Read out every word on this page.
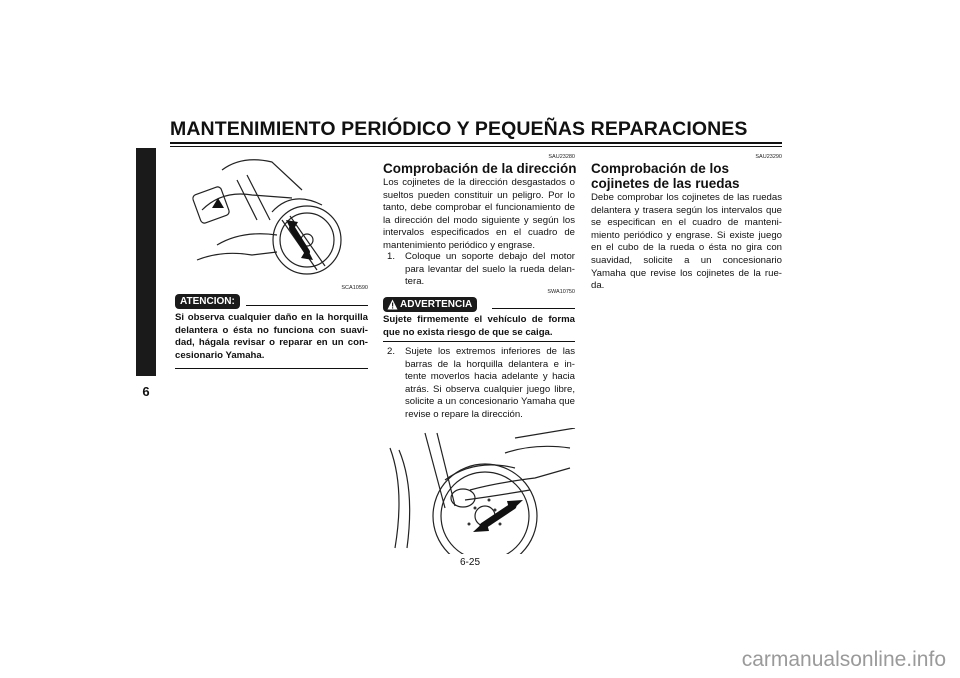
MANTENIMIENTO PERIÓDICO Y PEQUEÑAS REPARACIONES
6
SCA10590
ATENCION:
Si observa cualquier daño en la horquilla delantera o ésta no funciona con suavi-dad, hágala revisar o reparar en un con-cesionario Yamaha.
SAU23280
Comprobación de la dirección
Los cojinetes de la dirección desgastados o sueltos pueden constituir un peligro. Por lo tanto, debe comprobar el funcionamiento de la dirección del modo siguiente y según los intervalos especificados en el cuadro de mantenimiento periódico y engrase.
1. Coloque un soporte debajo del motor para levantar del suelo la rueda delan-tera.
SWA10750
ADVERTENCIA
Sujete firmemente el vehículo de forma que no exista riesgo de que se caiga.
2. Sujete los extremos inferiores de las barras de la horquilla delantera e in-tente moverlos hacia adelante y hacia atrás. Si observa cualquier juego libre, solicite a un concesionario Yamaha que revise o repare la dirección.
SAU23290
Comprobación de los cojinetes de las ruedas
Debe comprobar los cojinetes de las ruedas delantera y trasera según los intervalos que se especifican en el cuadro de manteni-miento periódico y engrase. Si existe juego en el cubo de la rueda o ésta no gira con suavidad, solicite a un concesionario Yamaha que revise los cojinetes de la rue-da.
6-25
carmanualsonline.info
